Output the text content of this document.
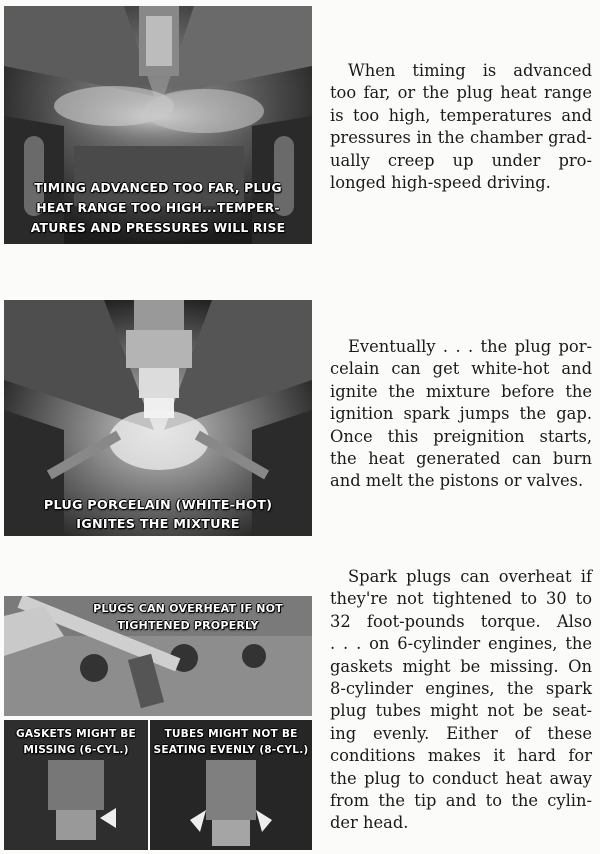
TIMING ADVANCED TOO FAR, PLUG
HEAT RANGE TOO HIGH...TEMPER-
ATURES AND PRESSURES WILL RISE
When timing is advanced
too far, or the plug heat range
is too high, temperatures and
pressures in the chamber grad-
ually creep up under pro-
longed high-speed driving.
PLUG PORCELAIN (WHITE-HOT)
IGNITES THE MIXTURE
Eventually . . . the plug por-
celain can get white-hot and
ignite the mixture before the
ignition spark jumps the gap.
Once this preignition starts,
the heat generated can burn
and melt the pistons or valves.
PLUGS CAN OVERHEAT IF NOT
TIGHTENED PROPERLY
GASKETS MIGHT BE
MISSING (6-CYL.)
TUBES MIGHT NOT BE
SEATING EVENLY (8-CYL.)
Spark plugs can overheat if
they're not tightened to 30 to
32 foot-pounds torque. Also
. . . on 6-cylinder engines, the
gaskets might be missing. On
8-cylinder engines, the spark
plug tubes might not be seat-
ing evenly. Either of these
conditions makes it hard for
the plug to conduct heat away
from the tip and to the cylin-
der head.
